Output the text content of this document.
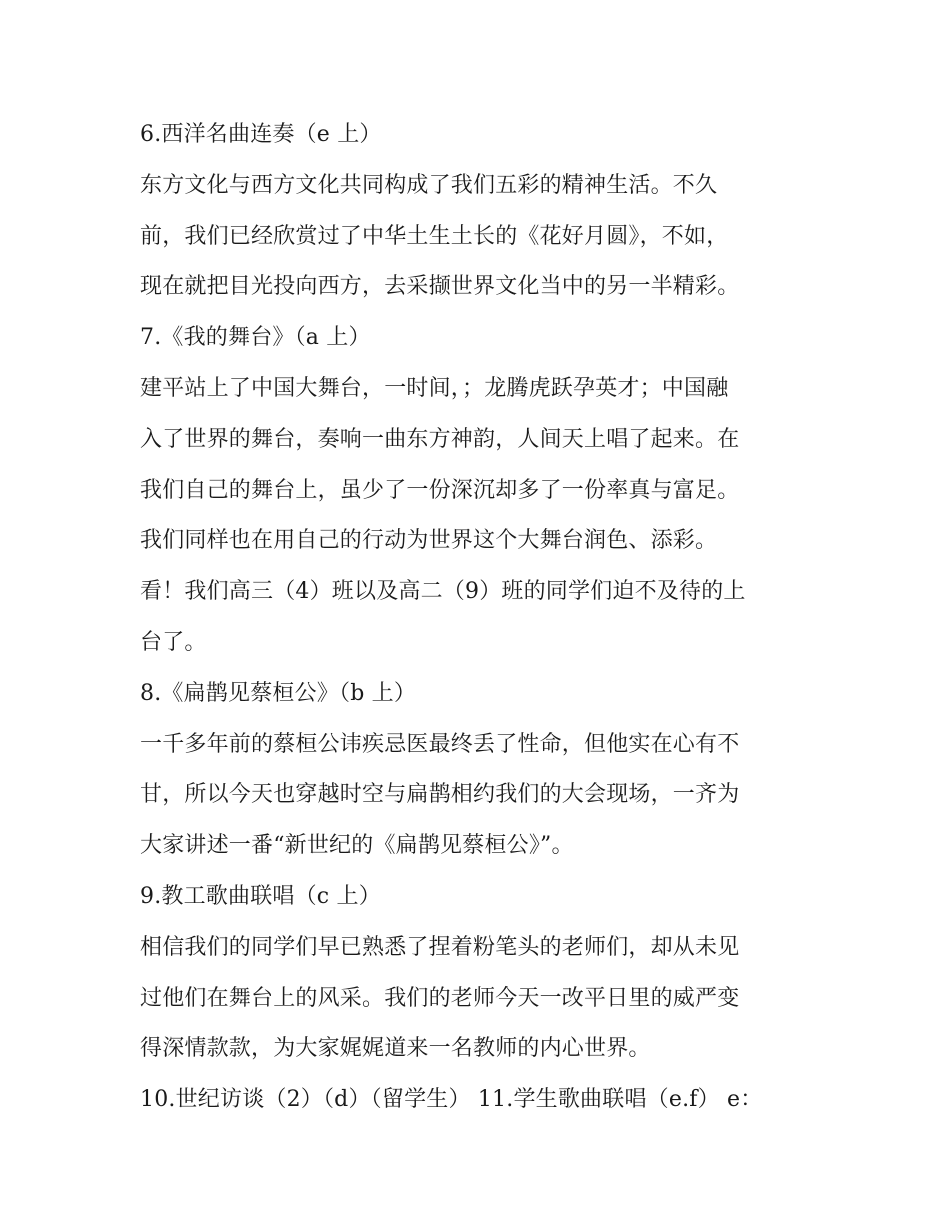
6.西洋名曲连奏（e 上）
东方文化与西方文化共同构成了我们五彩的精神生活。不久
前，我们已经欣赏过了中华土生土长的《花好月圆》，不如，
现在就把目光投向西方，去采撷世界文化当中的另一半精彩。
7.《我的舞台》（a 上）
建平站上了中国大舞台，一时间，；龙腾虎跃孕英才；中国融
入了世界的舞台，奏响一曲东方神韵，人间天上唱了起来。在
我们自己的舞台上，虽少了一份深沉却多了一份率真与富足。
我们同样也在用自己的行动为世界这个大舞台润色、添彩。
看！我们高三（4）班以及高二（9）班的同学们迫不及待的上
台了。
8.《扁鹊见蔡桓公》（b 上）
一千多年前的蔡桓公讳疾忌医最终丢了性命，但他实在心有不
甘，所以今天也穿越时空与扁鹊相约我们的大会现场，一齐为
大家讲述一番“新世纪的《扁鹊见蔡桓公》”。
9.教工歌曲联唱（c 上）
相信我们的同学们早已熟悉了捏着粉笔头的老师们，却从未见
过他们在舞台上的风采。我们的老师今天一改平日里的威严变
得深情款款，为大家娓娓道来一名教师的内心世界。
10.世纪访谈（2）（d）（留学生） 11.学生歌曲联唱（e.f） e：
